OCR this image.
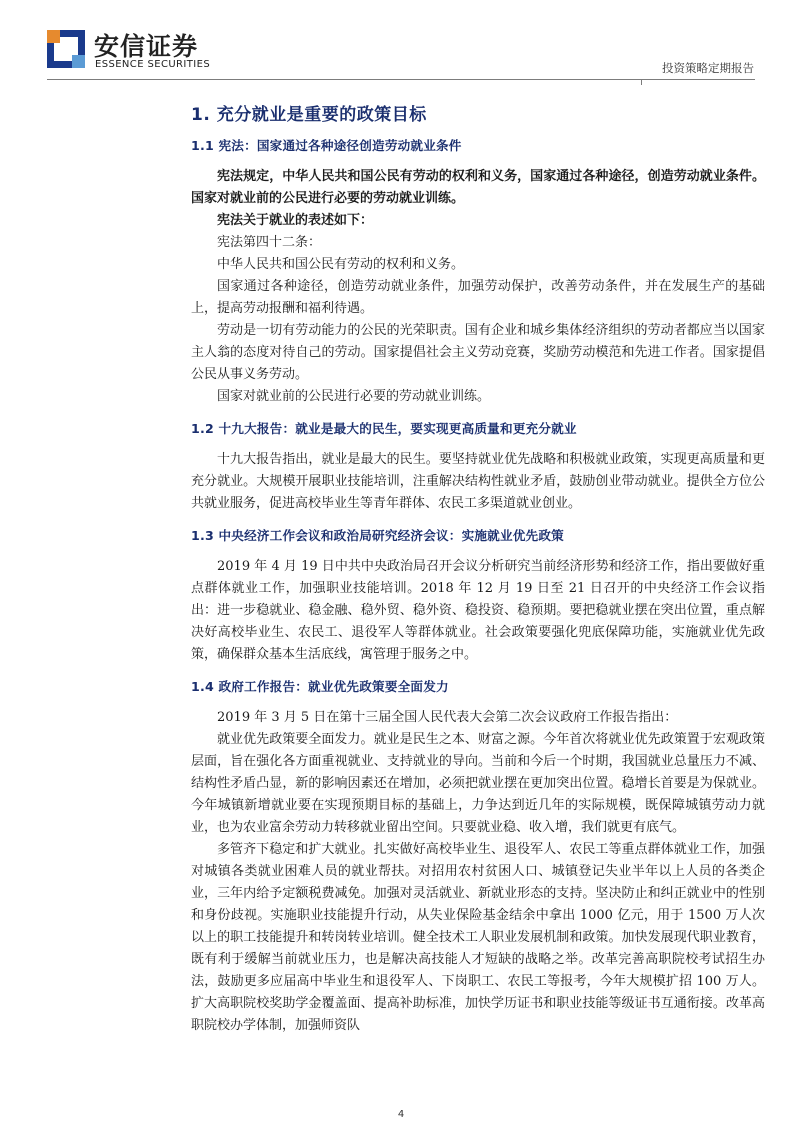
安信证券
ESSENCE SECURITIES	投资策略定期报告
1. 充分就业是重要的政策目标
1.1 宪法：国家通过各种途径创造劳动就业条件

宪法规定，中华人民共和国公民有劳动的权利和义务，国家通过各种途径，创造劳动就业条件。国家对就业前的公民进行必要的劳动就业训练。

宪法关于就业的表述如下：

宪法第四十二条：

中华人民共和国公民有劳动的权利和义务。

国家通过各种途径，创造劳动就业条件，加强劳动保护，改善劳动条件，并在发展生产的基础上，提高劳动报酬和福利待遇。

劳动是一切有劳动能力的公民的光荣职责。国有企业和城乡集体经济组织的劳动者都应当以国家主人翁的态度对待自己的劳动。国家提倡社会主义劳动竞赛，奖励劳动模范和先进工作者。国家提倡公民从事义务劳动。

国家对就业前的公民进行必要的劳动就业训练。

1.2 十九大报告：就业是最大的民生，要实现更高质量和更充分就业

十九大报告指出，就业是最大的民生。要坚持就业优先战略和积极就业政策，实现更高质量和更充分就业。大规模开展职业技能培训，注重解决结构性就业矛盾，鼓励创业带动就业。提供全方位公共就业服务，促进高校毕业生等青年群体、农民工多渠道就业创业。

1.3 中央经济工作会议和政治局研究经济会议：实施就业优先政策

2019 年 4 月 19 日中共中央政治局召开会议分析研究当前经济形势和经济工作，指出要做好重点群体就业工作，加强职业技能培训。2018 年 12 月 19 日至 21 日召开的中央经济工作会议指出：进一步稳就业、稳金融、稳外贸、稳外资、稳投资、稳预期。要把稳就业摆在突出位置，重点解决好高校毕业生、农民工、退役军人等群体就业。社会政策要强化兜底保障功能，实施就业优先政策，确保群众基本生活底线，寓管理于服务之中。

1.4 政府工作报告：就业优先政策要全面发力

2019 年 3 月 5 日在第十三届全国人民代表大会第二次会议政府工作报告指出：

就业优先政策要全面发力。就业是民生之本、财富之源。今年首次将就业优先政策置于宏观政策层面，旨在强化各方面重视就业、支持就业的导向。当前和今后一个时期，我国就业总量压力不减、结构性矛盾凸显，新的影响因素还在增加，必须把就业摆在更加突出位置。稳增长首要是为保就业。今年城镇新增就业要在实现预期目标的基础上，力争达到近几年的实际规模，既保障城镇劳动力就业，也为农业富余劳动力转移就业留出空间。只要就业稳、收入增，我们就更有底气。

多管齐下稳定和扩大就业。扎实做好高校毕业生、退役军人、农民工等重点群体就业工作，加强对城镇各类就业困难人员的就业帮扶。对招用农村贫困人口、城镇登记失业半年以上人员的各类企业，三年内给予定额税费减免。加强对灵活就业、新就业形态的支持。坚决防止和纠正就业中的性别和身份歧视。实施职业技能提升行动，从失业保险基金结余中拿出 1000 亿元，用于 1500 万人次以上的职工技能提升和转岗转业培训。健全技术工人职业发展机制和政策。加快发展现代职业教育，既有利于缓解当前就业压力，也是解决高技能人才短缺的战略之举。改革完善高职院校考试招生办法，鼓励更多应届高中毕业生和退役军人、下岗职工、农民工等报考，今年大规模扩招 100 万人。扩大高职院校奖助学金覆盖面、提高补助标准，加快学历证书和职业技能等级证书互通衔接。改革高职院校办学体制，加强师资队

4
